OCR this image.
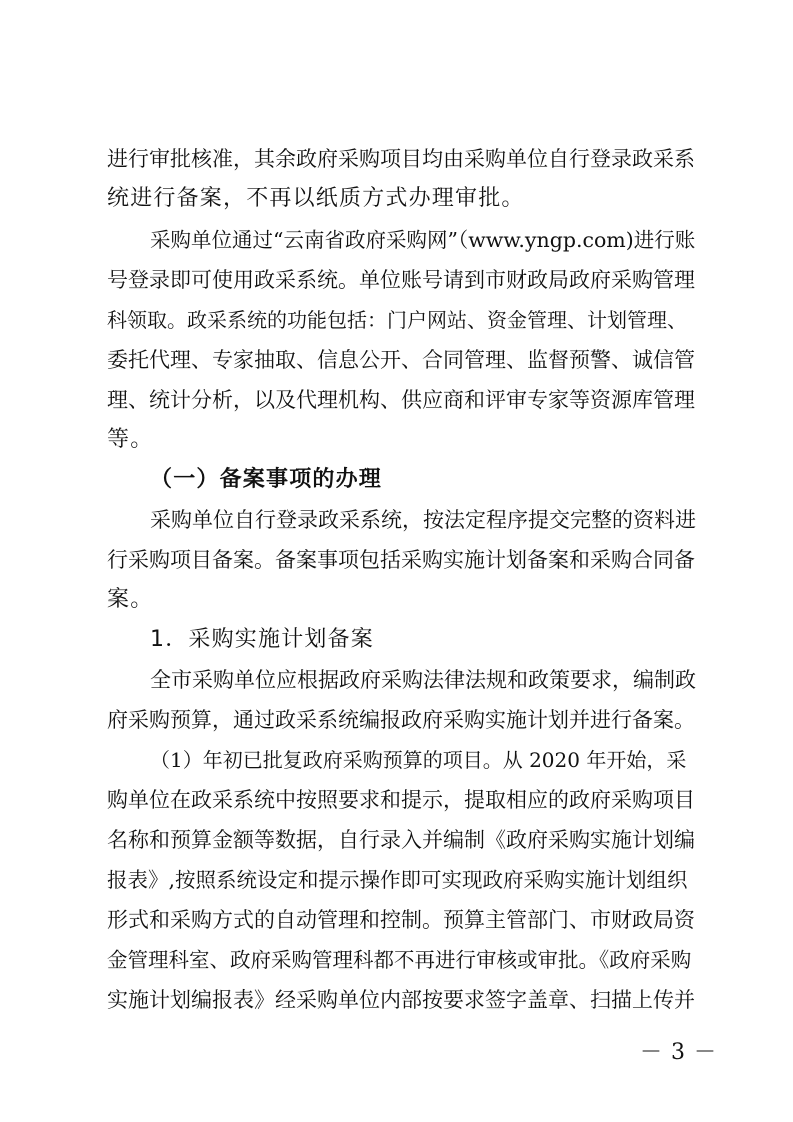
进行审批核准，其余政府采购项目均由采购单位自行登录政采系
统进行备案，不再以纸质方式办理审批。
采购单位通过“云南省政府采购网”（www.yngp.com)进行账
号登录即可使用政采系统。单位账号请到市财政局政府采购管理
科领取。政采系统的功能包括：门户网站、资金管理、计划管理、
委托代理、专家抽取、信息公开、合同管理、监督预警、诚信管
理、统计分析，以及代理机构、供应商和评审专家等资源库管理
等。
（一）备案事项的办理
采购单位自行登录政采系统，按法定程序提交完整的资料进
行采购项目备案。备案事项包括采购实施计划备案和采购合同备
案。
1．采购实施计划备案
全市采购单位应根据政府采购法律法规和政策要求，编制政
府采购预算，通过政采系统编报政府采购实施计划并进行备案。
（1）年初已批复政府采购预算的项目。从 2020 年开始，采
购单位在政采系统中按照要求和提示，提取相应的政府采购项目
名称和预算金额等数据，自行录入并编制《政府采购实施计划编
报表》,按照系统设定和提示操作即可实现政府采购实施计划组织
形式和采购方式的自动管理和控制。预算主管部门、市财政局资
金管理科室、政府采购管理科都不再进行审核或审批。《政府采购
实施计划编报表》经采购单位内部按要求签字盖章、扫描上传并
－ 3 －
